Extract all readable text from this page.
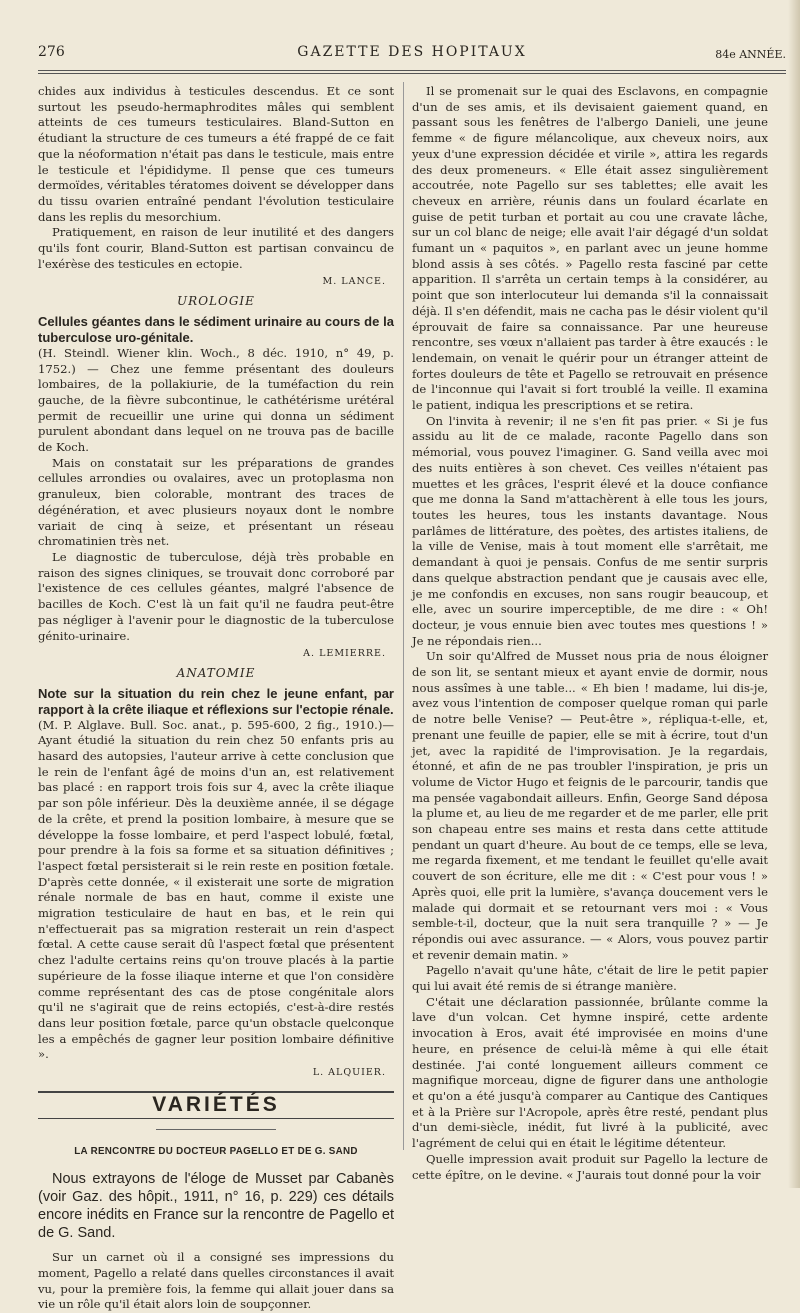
276	GAZETTE DES HOPITAUX	84e ANNÉE.

chides aux individus à testicules descendus. Et ce sont surtout les pseudo-hermaphrodites mâles qui semblent atteints de ces tumeurs testiculaires. Bland-Sutton en étudiant la structure de ces tumeurs a été frappé de ce fait que la néoformation n'était pas dans le testicule, mais entre le testicule et l'épididyme. Il pense que ces tumeurs dermoïdes, véritables tératomes doivent se développer dans du tissu ovarien entraîné pendant l'évolution testiculaire dans les replis du mesorchium.

Pratiquement, en raison de leur inutilité et des dangers qu'ils font courir, Bland-Sutton est partisan convaincu de l'exérèse des testicules en ectopie.

M. LANCE.
UROLOGIE

Cellules géantes dans le sédiment urinaire au cours de la tuberculose uro-génitale.

(H. Steindl. Wiener klin. Woch., 8 déc. 1910, n° 49, p. 1752.) — Chez une femme présentant des douleurs lombaires, de la pollakiurie, de la tuméfaction du rein gauche, de la fièvre subcontinue, le cathétérisme urétéral permit de recueillir une urine qui donna un sédiment purulent abondant dans lequel on ne trouva pas de bacille de Koch.

Mais on constatait sur les préparations de grandes cellules arrondies ou ovalaires, avec un protoplasma non granuleux, bien colorable, montrant des traces de dégénération, et avec plusieurs noyaux dont le nombre variait de cinq à seize, et présentant un réseau chromatinien très net.

Le diagnostic de tuberculose, déjà très probable en raison des signes cliniques, se trouvait donc corroboré par l'existence de ces cellules géantes, malgré l'absence de bacilles de Koch. C'est là un fait qu'il ne faudra peut-être pas négliger à l'avenir pour le diagnostic de la tuberculose génito-urinaire.

A. LEMIERRE.
ANATOMIE

Note sur la situation du rein chez le jeune enfant, par rapport à la crête iliaque et réflexions sur l'ectopie rénale.

(M. P. Alglave. Bull. Soc. anat., p. 595-600, 2 fig., 1910.)— Ayant étudié la situation du rein chez 50 enfants pris au hasard des autopsies, l'auteur arrive à cette conclusion que le rein de l'enfant âgé de moins d'un an, est relativement bas placé : en rapport trois fois sur 4, avec la crête iliaque par son pôle inférieur. Dès la deuxième année, il se dégage de la crête, et prend la position lombaire, à mesure que se développe la fosse lombaire, et perd l'aspect lobulé, fœtal, pour prendre à la fois sa forme et sa situation définitives ; l'aspect fœtal persisterait si le rein reste en position fœtale. D'après cette donnée, « il existerait une sorte de migration rénale normale de bas en haut, comme il existe une migration testiculaire de haut en bas, et le rein qui n'effectuerait pas sa migration resterait un rein d'aspect fœtal. A cette cause serait dû l'aspect fœtal que présentent chez l'adulte certains reins qu'on trouve placés à la partie supérieure de la fosse iliaque interne et que l'on considère comme représentant des cas de ptose congénitale alors qu'il ne s'agirait que de reins ectopiés, c'est-à-dire restés dans leur position fœtale, parce qu'un obstacle quelconque les a empêchés de gagner leur position lombaire définitive ».

L. ALQUIER.
VARIÉTÉS
LA RENCONTRE DU DOCTEUR PAGELLO ET DE G. SAND

Nous extrayons de l'éloge de Musset par Cabanès (voir Gaz. des hôpit., 1911, n° 16, p. 229) ces détails encore inédits en France sur la rencontre de Pagello et de G. Sand.

Sur un carnet où il a consigné ses impressions du moment, Pagello a relaté dans quelles circonstances il avait vu, pour la première fois, la femme qui allait jouer dans sa vie un rôle qu'il était alors loin de soupçonner.

Il se promenait sur le quai des Esclavons, en compagnie d'un de ses amis, et ils devisaient gaiement quand, en passant sous les fenêtres de l'albergo Danieli, une jeune femme « de figure mélancolique, aux cheveux noirs, aux yeux d'une expression décidée et virile », attira les regards des deux promeneurs. « Elle était assez singulièrement accoutrée, note Pagello sur ses tablettes; elle avait les cheveux en arrière, réunis dans un foulard écarlate en guise de petit turban et portait au cou une cravate lâche, sur un col blanc de neige; elle avait l'air dégagé d'un soldat fumant un « paquitos », en parlant avec un jeune homme blond assis à ses côtés. » Pagello resta fasciné par cette apparition. Il s'arrêta un certain temps à la considérer, au point que son interlocuteur lui demanda s'il la connaissait déjà. Il s'en défendit, mais ne cacha pas le désir violent qu'il éprouvait de faire sa connaissance. Par une heureuse rencontre, ses vœux n'allaient pas tarder à être exaucés : le lendemain, on venait le quérir pour un étranger atteint de fortes douleurs de tête et Pagello se retrouvait en présence de l'inconnue qui l'avait si fort troublé la veille. Il examina le patient, indiqua les prescriptions et se retira.

On l'invita à revenir; il ne s'en fit pas prier. « Si je fus assidu au lit de ce malade, raconte Pagello dans son mémorial, vous pouvez l'imaginer. G. Sand veilla avec moi des nuits entières à son chevet. Ces veilles n'étaient pas muettes et les grâces, l'esprit élevé et la douce confiance que me donna la Sand m'attachèrent à elle tous les jours, toutes les heures, tous les instants davantage. Nous parlâmes de littérature, des poètes, des artistes italiens, de la ville de Venise, mais à tout moment elle s'arrêtait, me demandant à quoi je pensais. Confus de me sentir surpris dans quelque abstraction pendant que je causais avec elle, je me confondis en excuses, non sans rougir beaucoup, et elle, avec un sourire imperceptible, de me dire : « Oh! docteur, je vous ennuie bien avec toutes mes questions ! » Je ne répondais rien...

Un soir qu'Alfred de Musset nous pria de nous éloigner de son lit, se sentant mieux et ayant envie de dormir, nous nous assîmes à une table... « Eh bien ! madame, lui dis-je, avez vous l'intention de composer quelque roman qui parle de notre belle Venise? — Peut-être », répliqua-t-elle, et, prenant une feuille de papier, elle se mit à écrire, tout d'un jet, avec la rapidité de l'improvisation. Je la regardais, étonné, et afin de ne pas troubler l'inspiration, je pris un volume de Victor Hugo et feignis de le parcourir, tandis que ma pensée vagabondait ailleurs. Enfin, George Sand déposa la plume et, au lieu de me regarder et de me parler, elle prit son chapeau entre ses mains et resta dans cette attitude pendant un quart d'heure. Au bout de ce temps, elle se leva, me regarda fixement, et me tendant le feuillet qu'elle avait couvert de son écriture, elle me dit : « C'est pour vous ! » Après quoi, elle prit la lumière, s'avança doucement vers le malade qui dormait et se retournant vers moi : « Vous semble-t-il, docteur, que la nuit sera tranquille ? » — Je répondis oui avec assurance. — « Alors, vous pouvez partir et revenir demain matin. »

Pagello n'avait qu'une hâte, c'était de lire le petit papier qui lui avait été remis de si étrange manière.

C'était une déclaration passionnée, brûlante comme la lave d'un volcan. Cet hymne inspiré, cette ardente invocation à Eros, avait été improvisée en moins d'une heure, en présence de celui-là même à qui elle était destinée. J'ai conté longuement ailleurs comment ce magnifique morceau, digne de figurer dans une anthologie et qu'on a été jusqu'à comparer au Cantique des Cantiques et à la Prière sur l'Acropole, après être resté, pendant plus d'un demi-siècle, inédit, fut livré à la publicité, avec l'agrément de celui qui en était le légitime détenteur.

Quelle impression avait produit sur Pagello la lecture de cette épître, on le devine. « J'aurais tout donné pour la voir
